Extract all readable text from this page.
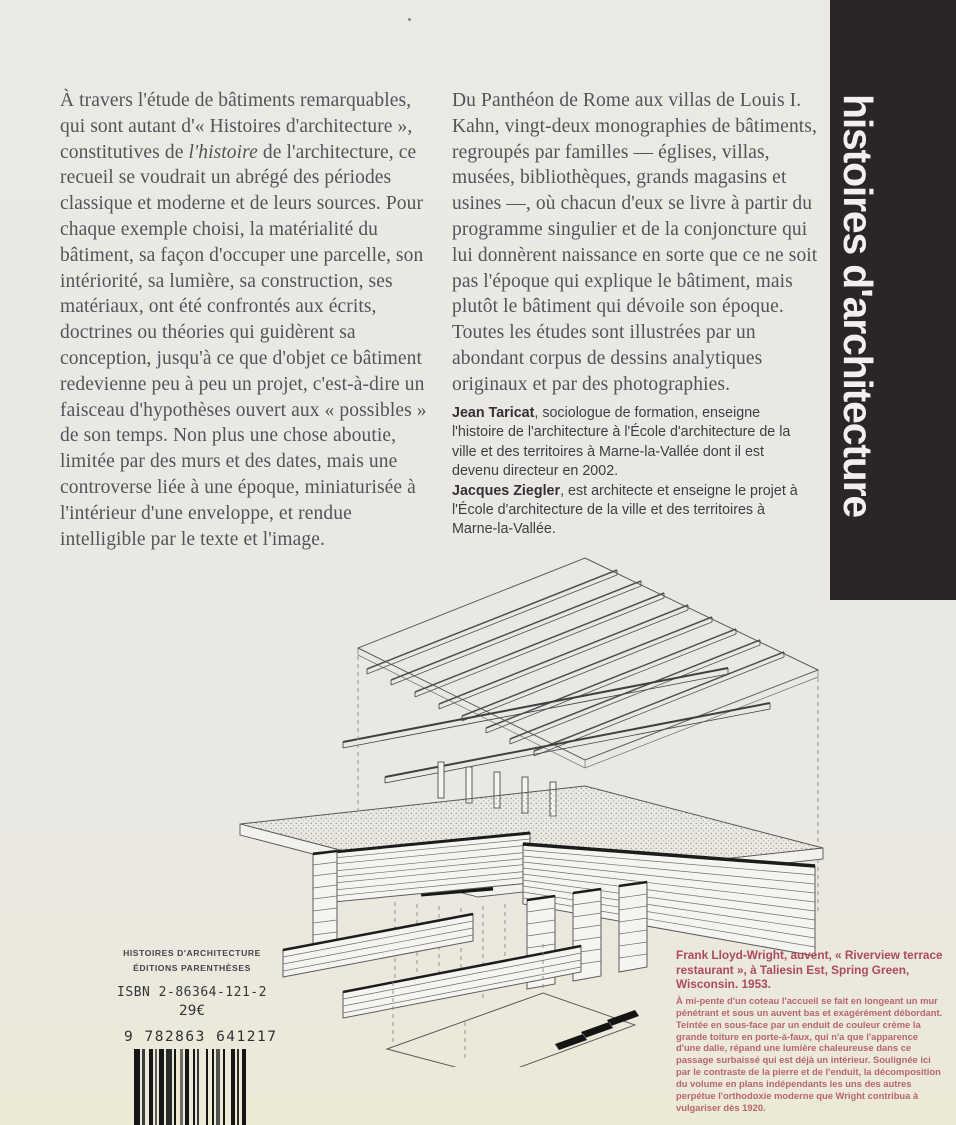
À travers l'étude de bâtiments remarquables, qui sont autant d'« Histoires d'architecture », constitutives de l'histoire de l'architecture, ce recueil se voudrait un abrégé des périodes classique et moderne et de leurs sources. Pour chaque exemple choisi, la matérialité du bâtiment, sa façon d'occuper une parcelle, son intériorité, sa lumière, sa construction, ses matériaux, ont été confrontés aux écrits, doctrines ou théories qui guidèrent sa conception, jusqu'à ce que d'objet ce bâtiment redevienne peu à peu un projet, c'est-à-dire un faisceau d'hypothèses ouvert aux « possibles » de son temps. Non plus une chose aboutie, limitée par des murs et des dates, mais une controverse liée à une époque, miniaturisée à l'intérieur d'une enveloppe, et rendue intelligible par le texte et l'image.

Du Panthéon de Rome aux villas de Louis I. Kahn, vingt-deux monographies de bâtiments, regroupés par familles — églises, villas, musées, bibliothèques, grands magasins et usines —, où chacun d'eux se livre à partir du programme singulier et de la conjoncture qui lui donnèrent naissance en sorte que ce ne soit pas l'époque qui explique le bâtiment, mais plutôt le bâtiment qui dévoile son époque. Toutes les études sont illustrées par un abondant corpus de dessins analytiques originaux et par des photographies.

Jean Taricat, sociologue de formation, enseigne l'histoire de l'architecture à l'École d'architecture de la ville et des territoires à Marne-la-Vallée dont il est devenu directeur en 2002.

Jacques Ziegler, est architecte et enseigne le projet à l'École d'architecture de la ville et des territoires à Marne-la-Vallée.

histoires d'architecture
HISTOIRES D'ARCHITECTURE
ÉDITIONS PARENTHÈSES
ISBN 2-86364-121-2
29€
9 782863 641217
Frank Lloyd-Wright, auvent, « Riverview terrace restaurant », à Taliesin Est, Spring Green, Wisconsin. 1953.
À mi-pente d'un coteau l'accueil se fait en longeant un mur pénétrant et sous un auvent bas et exagérément débordant. Teintée en sous-face par un enduit de couleur crème la grande toiture en porte-à-faux, qui n'a que l'apparence d'une dalle, répand une lumière chaleureuse dans ce passage surbaissé qui est déjà un intérieur. Soulignée ici par le contraste de la pierre et de l'enduit, la décomposition du volume en plans indépendants les uns des autres perpétue l'orthodoxie moderne que Wright contribua à vulgariser dès 1920.
